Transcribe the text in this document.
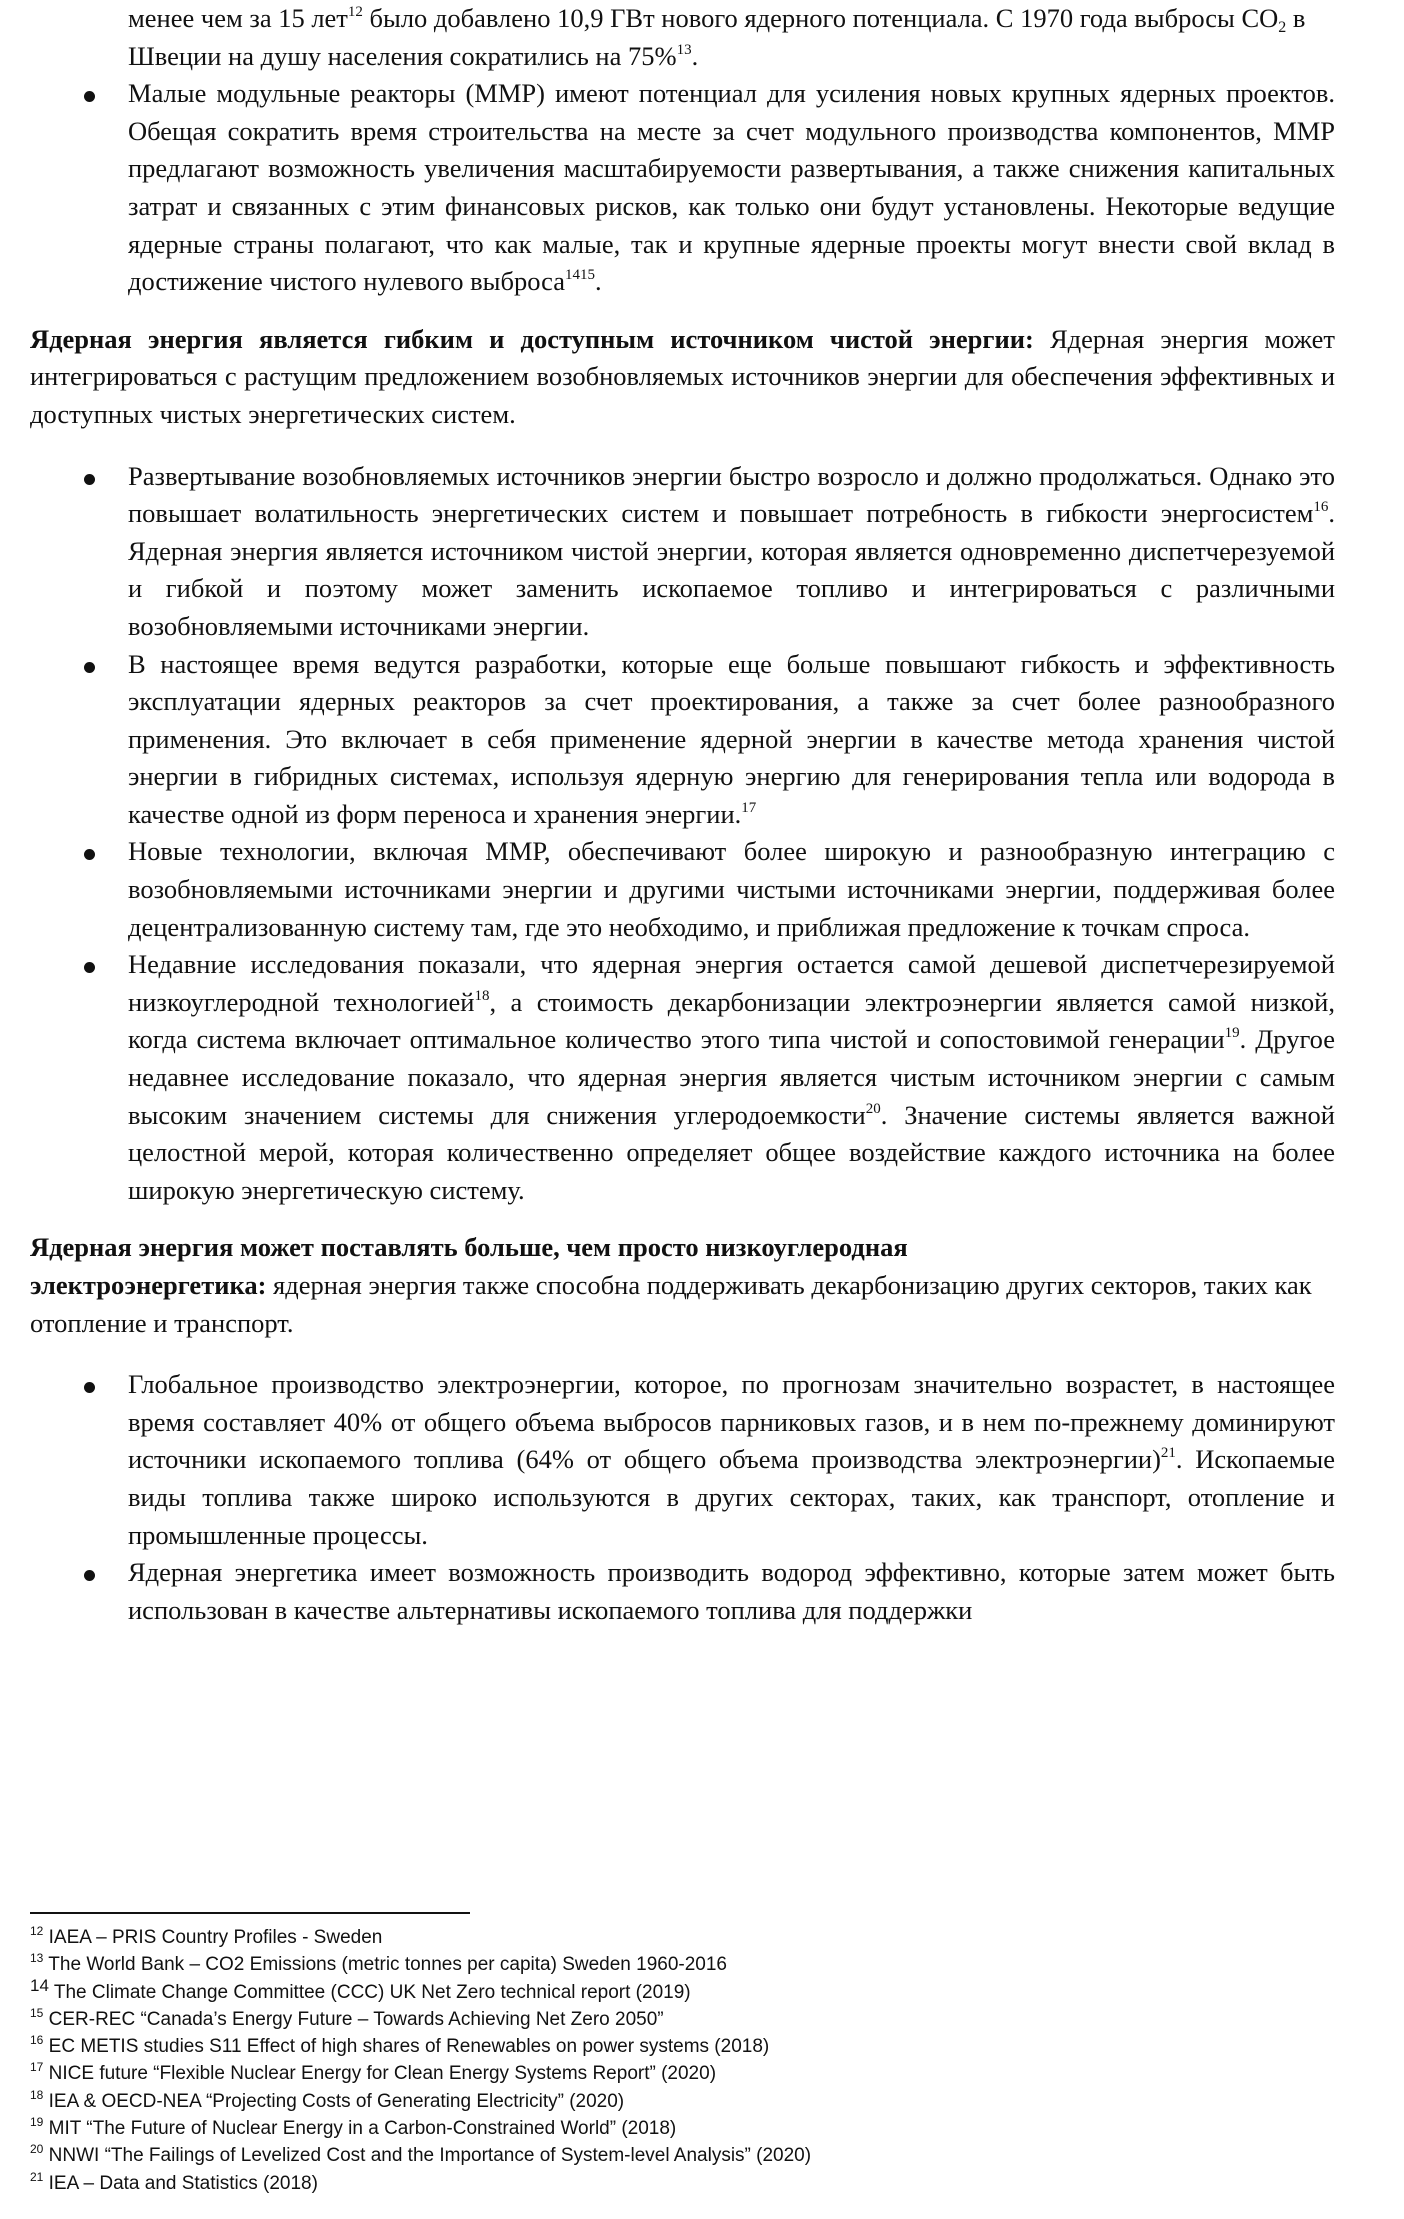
менее чем за 15 лет$^{12}$ было добавлено 10,9 ГВт нового ядерного потенциала. С 1970 года выбросы $CO_2$ в Швеции на душу населения сократились на 75%$^{13}$.
Малые модульные реакторы (ММР) имеют потенциал для усиления новых крупных ядерных проектов. Обещая сократить время строительства на месте за счет модульного производства компонентов, ММР предлагают возможность увеличения масштабируемости развертывания, а также снижения капитальных затрат и связанных с этим финансовых рисков, как только они будут установлены. Некоторые ведущие ядерные страны полагают, что как малые, так и крупные ядерные проекты могут внести свой вклад в достижение чистого нулевого выброса$^{1415}$.

Ядерная энергия является гибким и доступным источником чистой энергии: Ядерная энергия может интегрироваться с растущим предложением возобновляемых источников энергии для обеспечения эффективных и доступных чистых энергетических систем.

Развертывание возобновляемых источников энергии быстро возросло и должно продолжаться. Однако это повышает волатильность энергетических систем и повышает потребность в гибкости энергосистем$^{16}$. Ядерная энергия является источником чистой энергии, которая является одновременно диспетчерезуемой и гибкой и поэтому может заменить ископаемое топливо и интегрироваться с различными возобновляемыми источниками энергии.
В настоящее время ведутся разработки, которые еще больше повышают гибкость и эффективность эксплуатации ядерных реакторов за счет проектирования, а также за счет более разнообразного применения. Это включает в себя применение ядерной энергии в качестве метода хранения чистой энергии в гибридных системах, используя ядерную энергию для генерирования тепла или водорода в качестве одной из форм переноса и хранения энергии.$^{17}$
Новые технологии, включая ММР, обеспечивают более широкую и разнообразную интеграцию с возобновляемыми источниками энергии и другими чистыми источниками энергии, поддерживая более децентрализованную систему там, где это необходимо, и приближая предложение к точкам спроса.
Недавние исследования показали, что ядерная энергия остается самой дешевой диспетчерезируемой низкоуглеродной технологией$^{18}$, а стоимость декарбонизации электроэнергии является самой низкой, когда система включает оптимальное количество этого типа чистой и сопостовимой генерации$^{19}$. Другое недавнее исследование показало, что ядерная энергия является чистым источником энергии с самым высоким значением системы для снижения углеродоемкости$^{20}$. Значение системы является важной целостной мерой, которая количественно определяет общее воздействие каждого источника на более широкую энергетическую систему.

Ядерная энергия может поставлять больше, чем просто низкоуглеродная
электроэнергетика: ядерная энергия также способна поддерживать декарбонизацию других секторов, таких как отопление и транспорт.

Глобальное производство электроэнергии, которое, по прогнозам значительно возрастет, в настоящее время составляет 40% от общего объема выбросов парниковых газов, и в нем по-прежнему доминируют источники ископаемого топлива (64% от общего объема производства электроэнергии)$^{21}$. Ископаемые виды топлива также широко используются в других секторах, таких, как транспорт, отопление и промышленные процессы.
Ядерная энергетика имеет возможность производить водород эффективно, которые затем может быть использован в качестве альтернативы ископаемого топлива для поддержки
$^{12}$ IAEA – PRIS Country Profiles - Sweden
$^{13}$ The World Bank – CO2 Emissions (metric tonnes per capita) Sweden 1960-2016
$^{14}$ The Climate Change Committee (CCC) UK Net Zero technical report (2019)
$^{15}$ CER-REC “Canada’s Energy Future – Towards Achieving Net Zero 2050”
$^{16}$ EC METIS studies S11 Effect of high shares of Renewables on power systems (2018)
$^{17}$ NICE future “Flexible Nuclear Energy for Clean Energy Systems Report” (2020)
$^{18}$ IEA & OECD-NEA “Projecting Costs of Generating Electricity” (2020)
$^{19}$ MIT “The Future of Nuclear Energy in a Carbon-Constrained World” (2018)
$^{20}$ NNWI “The Failings of Levelized Cost and the Importance of System-level Analysis” (2020)
$^{21}$ IEA – Data and Statistics (2018)
